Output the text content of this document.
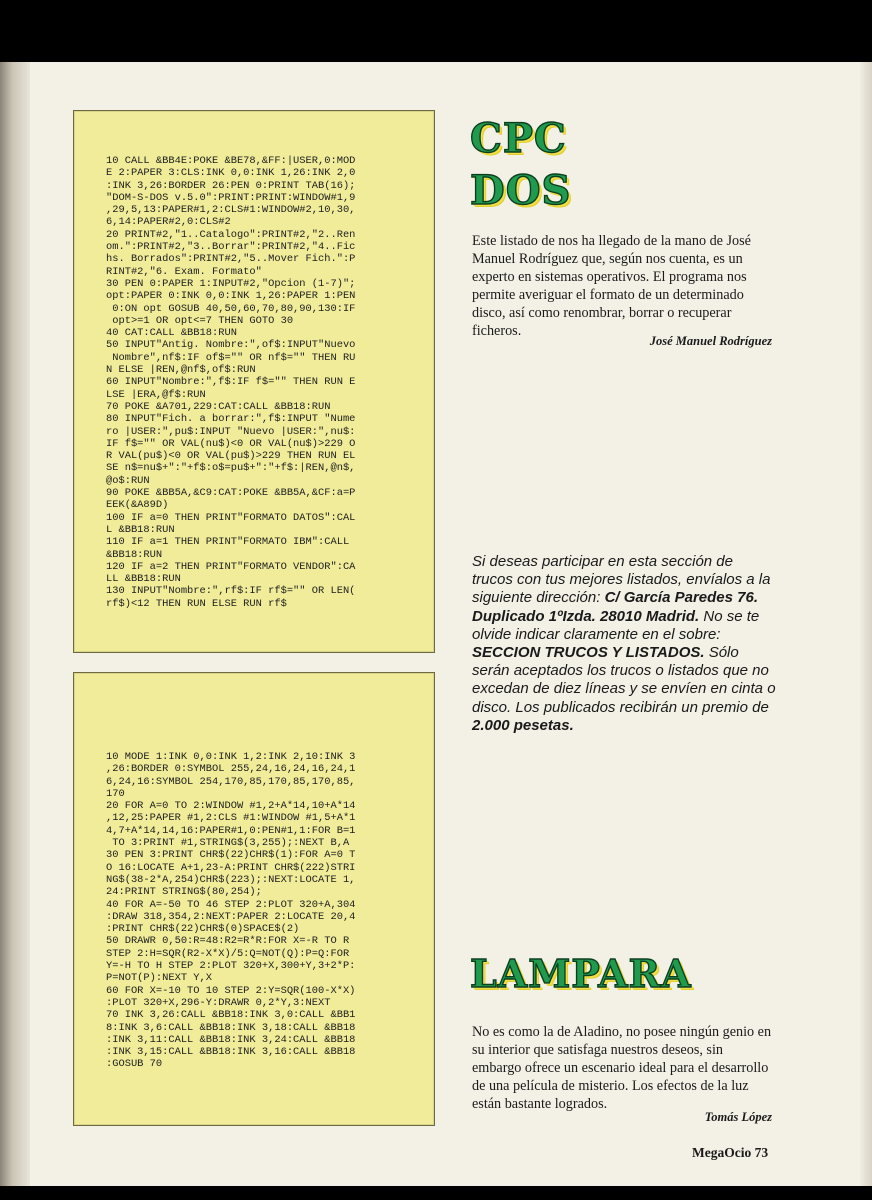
10 CALL &BB4E:POKE &BE78,&FF:|USER,0:MOD
E 2:PAPER 3:CLS:INK 0,0:INK 1,26:INK 2,0
:INK 3,26:BORDER 26:PEN 0:PRINT TAB(16);
"DOM-S-DOS v.5.0":PRINT:PRINT:WINDOW#1,9
,29,5,13:PAPER#1,2:CLS#1:WINDOW#2,10,30,
6,14:PAPER#2,0:CLS#2
20 PRINT#2,"1..Catalogo":PRINT#2,"2..Ren
om.":PRINT#2,"3..Borrar":PRINT#2,"4..Fic
hs. Borrados":PRINT#2,"5..Mover Fich.":P
RINT#2,"6. Exam. Formato"
30 PEN 0:PAPER 1:INPUT#2,"Opcion (1-7)";
opt:PAPER 0:INK 0,0:INK 1,26:PAPER 1:PEN
0:ON opt GOSUB 40,50,60,70,80,90,130:IF
opt>=1 OR opt<=7 THEN GOTO 30
40 CAT:CALL &BB18:RUN
50 INPUT"Antig. Nombre:",of$:INPUT"Nuevo
Nombre",nf$:IF of$="" OR nf$="" THEN RU
N ELSE |REN,@nf$,of$:RUN
60 INPUT"Nombre:",f$:IF f$="" THEN RUN E
LSE |ERA,@f$:RUN
70 POKE &A701,229:CAT:CALL &BB18:RUN
80 INPUT"Fich. a borrar:",f$:INPUT "Nume
ro |USER:",pu$:INPUT "Nuevo |USER:",nu$:
IF f$="" OR VAL(nu$)<0 OR VAL(nu$)>229 O
R VAL(pu$)<0 OR VAL(pu$)>229 THEN RUN EL
SE n$=nu$+":"+f$:o$=pu$+":"+f$:|REN,@n$,
@o$:RUN
90 POKE &BB5A,&C9:CAT:POKE &BB5A,&CF:a=P
EEK(&A89D)
100 IF a=0 THEN PRINT"FORMATO DATOS":CAL
L &BB18:RUN
110 IF a=1 THEN PRINT"FORMATO IBM":CALL
&BB18:RUN
120 IF a=2 THEN PRINT"FORMATO VENDOR":CA
LL &BB18:RUN
130 INPUT"Nombre:",rf$:IF rf$="" OR LEN(
rf$)<12 THEN RUN ELSE RUN rf$
10 MODE 1:INK 0,0:INK 1,2:INK 2,10:INK 3
,26:BORDER 0:SYMBOL 255,24,16,24,16,24,1
6,24,16:SYMBOL 254,170,85,170,85,170,85,
170
20 FOR A=0 TO 2:WINDOW #1,2+A*14,10+A*14
,12,25:PAPER #1,2:CLS #1:WINDOW #1,5+A*1
4,7+A*14,14,16:PAPER#1,0:PEN#1,1:FOR B=1
TO 3:PRINT #1,STRING$(3,255);:NEXT B,A
30 PEN 3:PRINT CHR$(22)CHR$(1):FOR A=0 T
O 16:LOCATE A+1,23-A:PRINT CHR$(222)STRI
NG$(38-2*A,254)CHR$(223);:NEXT:LOCATE 1,
24:PRINT STRING$(80,254);
40 FOR A=-50 TO 46 STEP 2:PLOT 320+A,304
:DRAW 318,354,2:NEXT:PAPER 2:LOCATE 20,4
:PRINT CHR$(22)CHR$(0)SPACE$(2)
50 DRAWR 0,50:R=48:R2=R*R:FOR X=-R TO R
STEP 2:H=SQR(R2-X*X)/5:Q=NOT(Q):P=Q:FOR
Y=-H TO H STEP 2:PLOT 320+X,300+Y,3+2*P:
P=NOT(P):NEXT Y,X
60 FOR X=-10 TO 10 STEP 2:Y=SQR(100-X*X)
:PLOT 320+X,296-Y:DRAWR 0,2*Y,3:NEXT
70 INK 3,26:CALL &BB18:INK 3,0:CALL &BB1
8:INK 3,6:CALL &BB18:INK 3,18:CALL &BB18
:INK 3,11:CALL &BB18:INK 3,24:CALL &BB18
:INK 3,15:CALL &BB18:INK 3,16:CALL &BB18
:GOSUB 70
CPC
DOS

Este listado de nos ha llegado de la mano de José Manuel Rodríguez que, según nos cuenta, es un experto en sistemas operativos. El programa nos permite averiguar el formato de un determinado disco, así como renombrar, borrar o recuperar ficheros.

José Manuel Rodríguez

Si deseas participar en esta sección de trucos con tus mejores listados, envíalos a la siguiente dirección: C/ García Paredes 76. Duplicado 1ºIzda. 28010 Madrid. No se te olvide indicar claramente en el sobre: SECCION TRUCOS Y LISTADOS. Sólo serán aceptados los trucos o listados que no excedan de diez líneas y se envíen en cinta o disco. Los publicados recibirán un premio de 2.000 pesetas.

LAMPARA

No es como la de Aladino, no posee ningún genio en su interior que satisfaga nuestros deseos, sin embargo ofrece un escenario ideal para el desarrollo de una película de misterio. Los efectos de la luz están bastante logrados.

Tomás López

MegaOcio 73
